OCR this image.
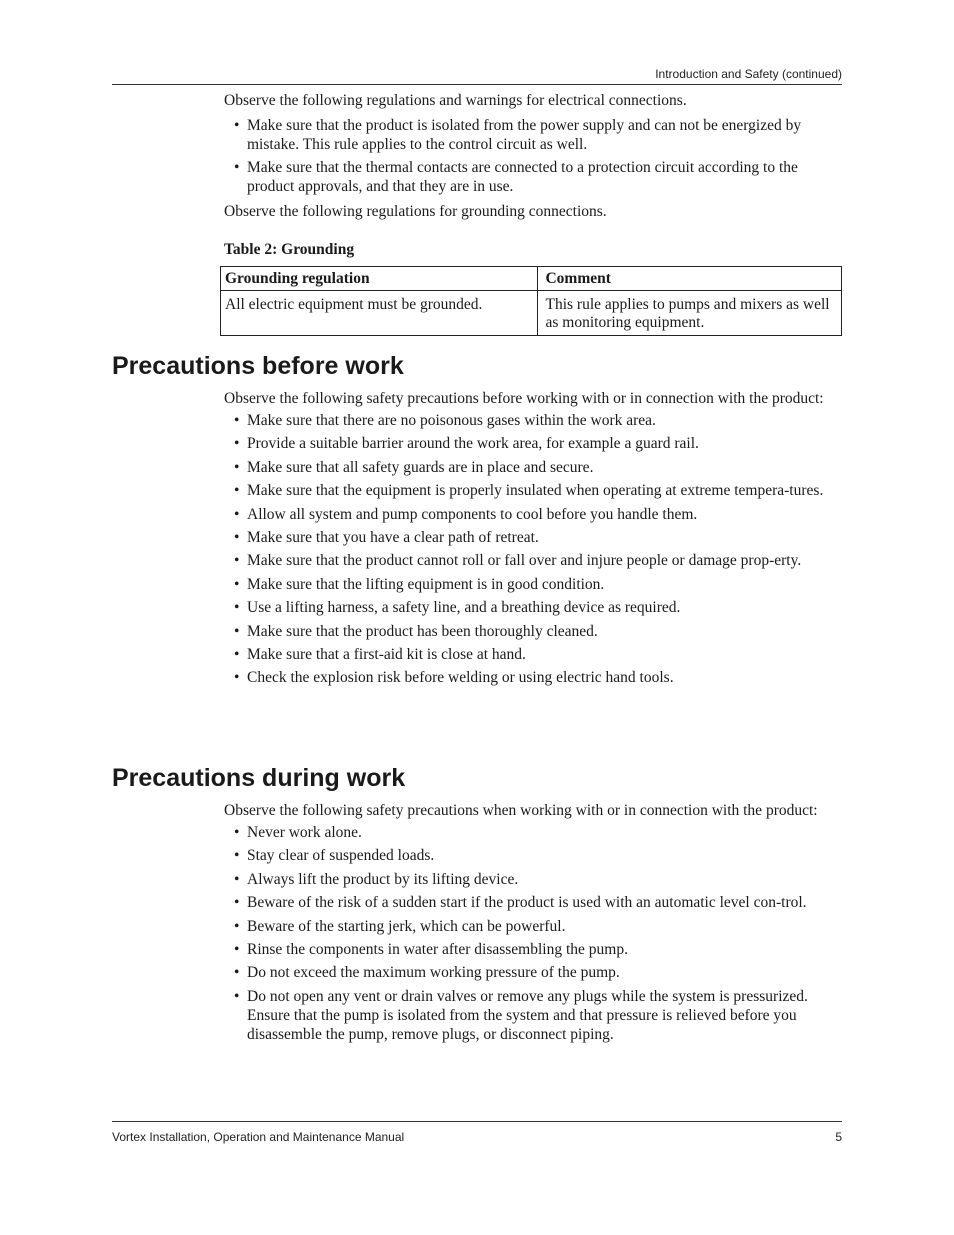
Introduction and Safety (continued)

Observe the following regulations and warnings for electrical connections.

• Make sure that the product is isolated from the power supply and can not be energized by mistake. This rule applies to the control circuit as well.
• Make sure that the thermal contacts are connected to a protection circuit according to the product approvals, and that they are in use.

Observe the following regulations for grounding connections.

Table 2: Grounding
Grounding regulation	Comment
All electric equipment must be grounded.	This rule applies to pumps and mixers as well as monitoring equipment.
Precautions before work

Observe the following safety precautions before working with or in connection with the product:

• Make sure that there are no poisonous gases within the work area.
• Provide a suitable barrier around the work area, for example a guard rail.
• Make sure that all safety guards are in place and secure.
• Make sure that the equipment is properly insulated when operating at extreme tempera-tures.
• Allow all system and pump components to cool before you handle them.
• Make sure that you have a clear path of retreat.
• Make sure that the product cannot roll or fall over and injure people or damage prop-erty.
• Make sure that the lifting equipment is in good condition.
• Use a lifting harness, a safety line, and a breathing device as required.
• Make sure that the product has been thoroughly cleaned.
• Make sure that a first-aid kit is close at hand.
• Check the explosion risk before welding or using electric hand tools.
Precautions during work

Observe the following safety precautions when working with or in connection with the product:

• Never work alone.
• Stay clear of suspended loads.
• Always lift the product by its lifting device.
• Beware of the risk of a sudden start if the product is used with an automatic level con-trol.
• Beware of the starting jerk, which can be powerful.
• Rinse the components in water after disassembling the pump.
• Do not exceed the maximum working pressure of the pump.
• Do not open any vent or drain valves or remove any plugs while the system is pressurized. Ensure that the pump is isolated from the system and that pressure is relieved before you disassemble the pump, remove plugs, or disconnect piping.
Vortex Installation, Operation and Maintenance Manual	5
